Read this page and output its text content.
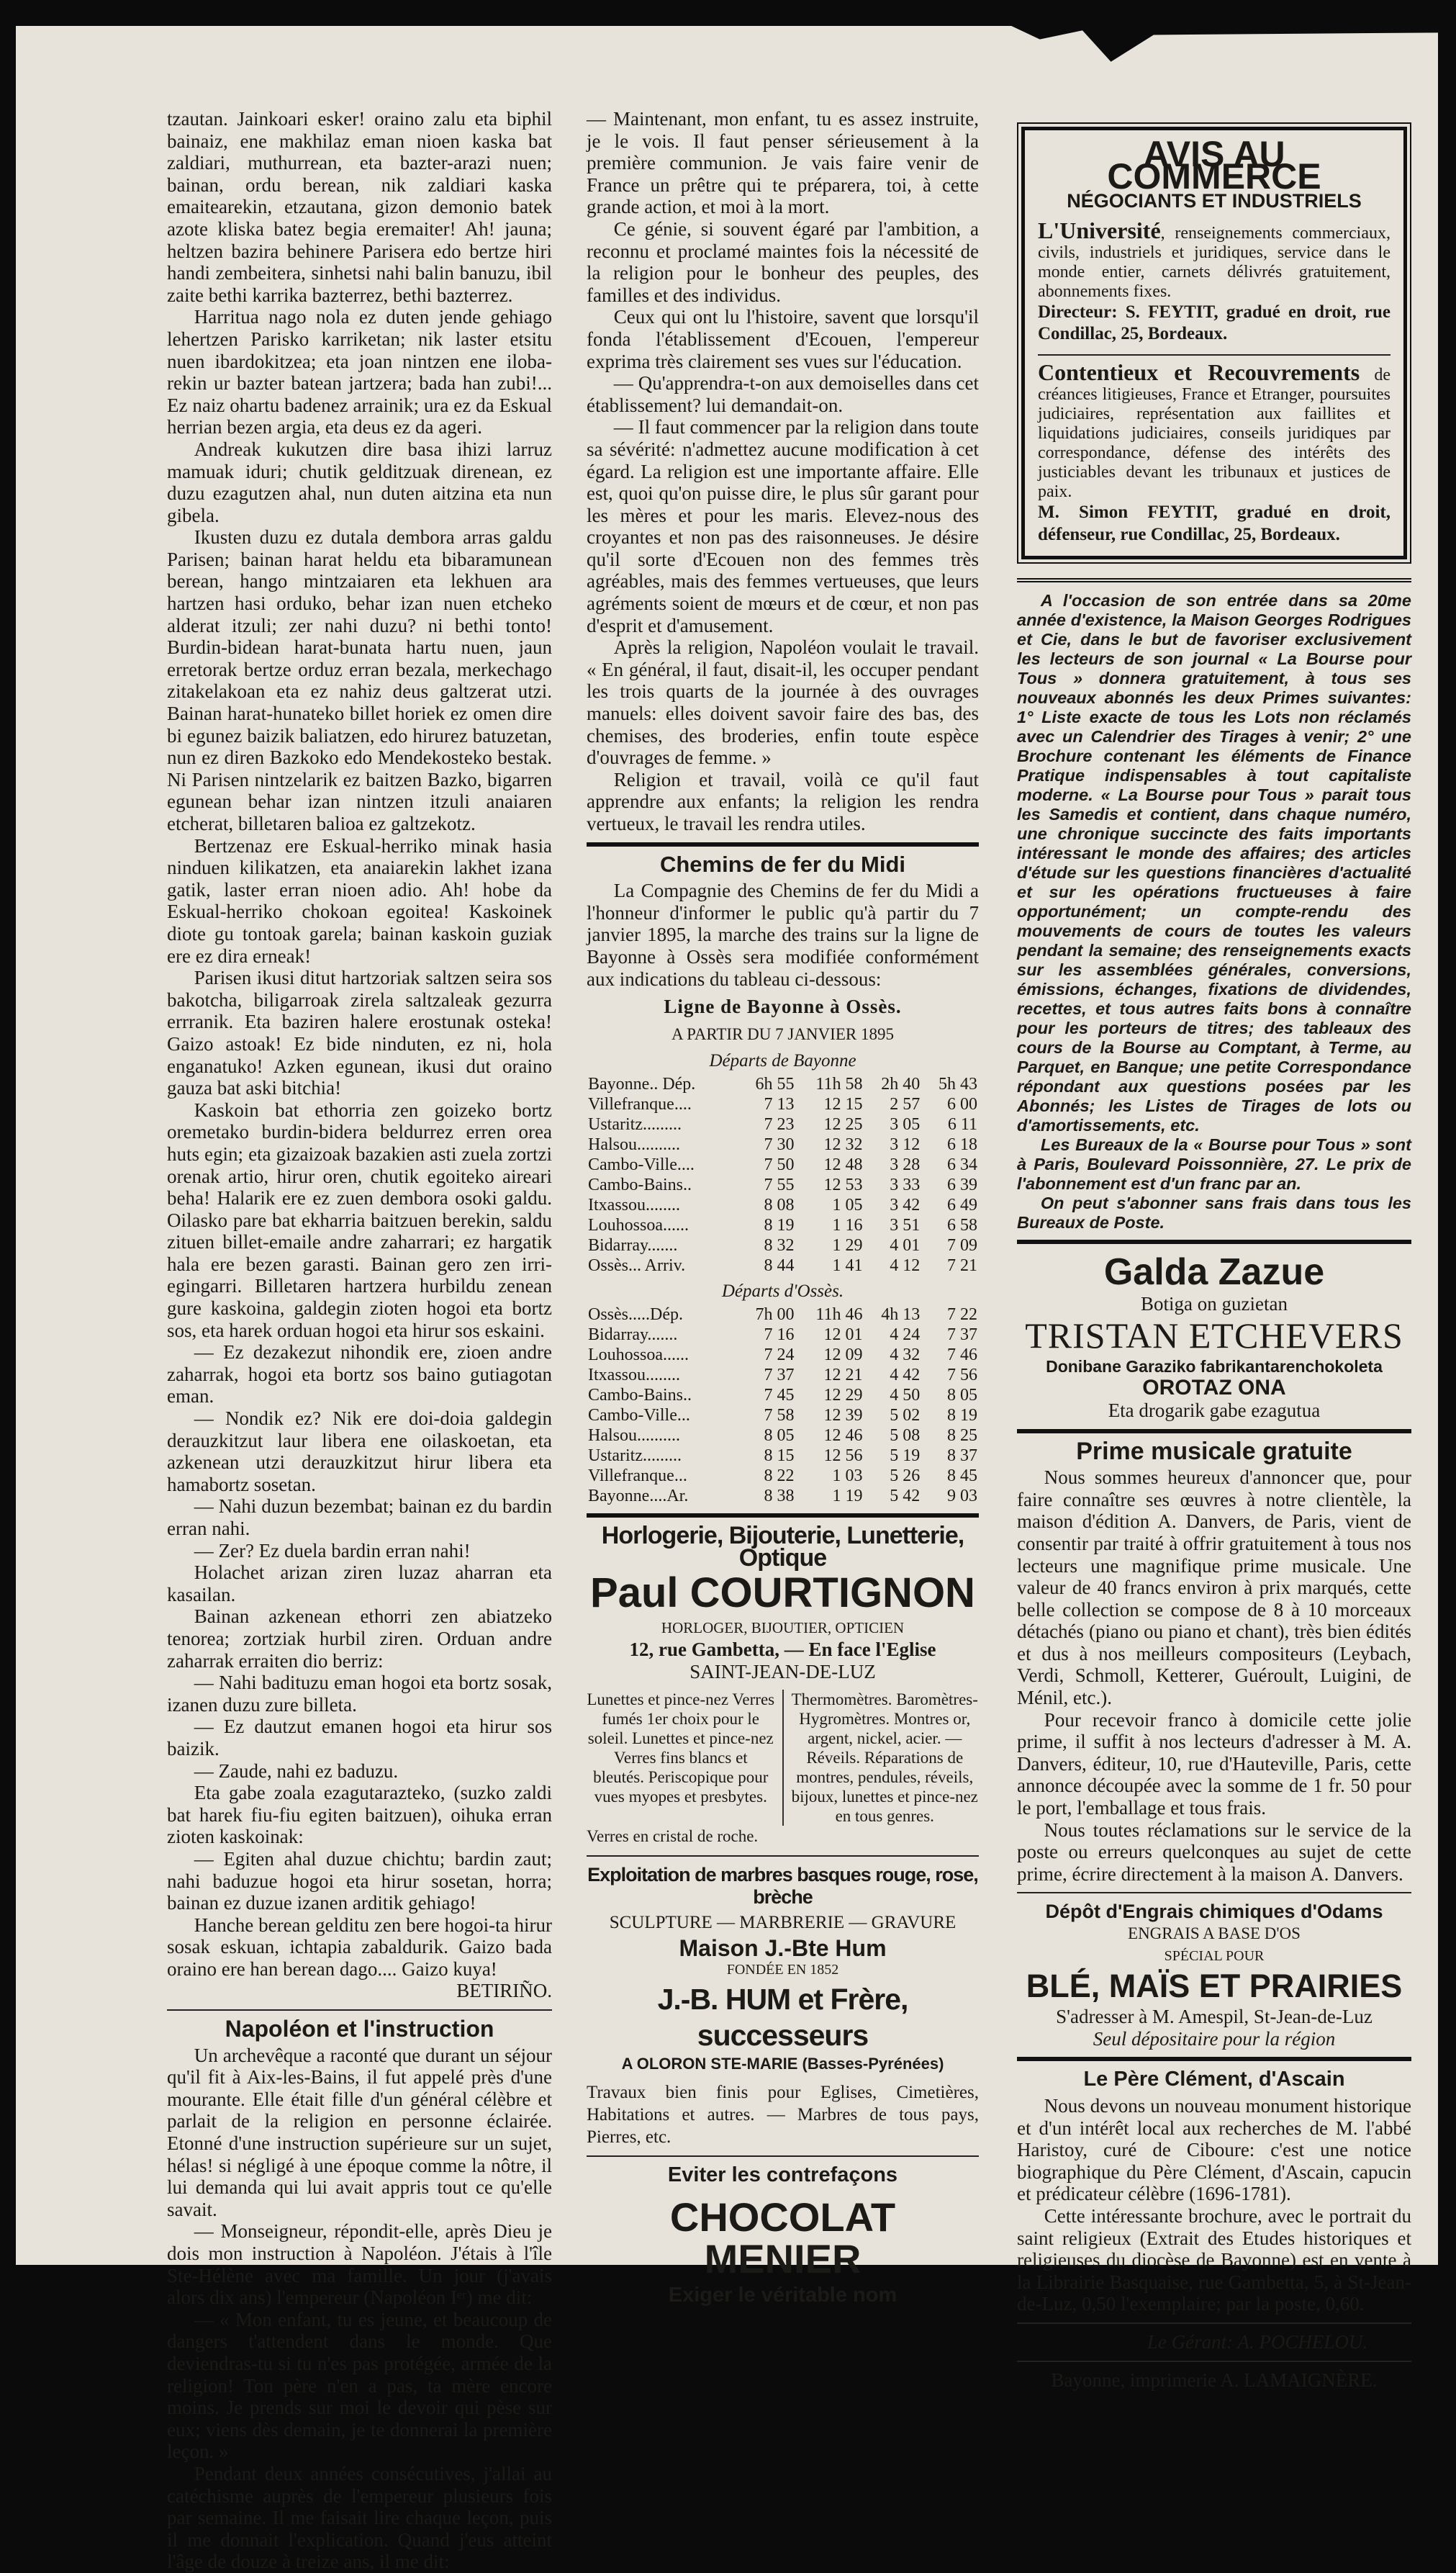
tzautan. Jainkoari esker! oraino zalu eta biphil bainaiz, ene makhilaz eman nioen kaska bat zaldiari, muthurrean, eta bazter-arazi nuen; bainan, ordu berean, nik zaldiari kaska emaitearekin, etzautana, gizon demonio batek azote kliska batez begia eremaiter! Ah! jauna; heltzen bazira behinere Parisera edo bertze hiri handi zembeitera, sinhetsi nahi balin banuzu, ibil zaite bethi karrika bazterrez, bethi bazterrez.

Harritua nago nola ez duten jende gehiago lehertzen Parisko karriketan; nik laster etsitu nuen ibardokitzea; eta joan nintzen ene iloba-rekin ur bazter batean jartzera; bada han zubi!... Ez naiz ohartu badenez arrainik; ura ez da Eskual herrian bezen argia, eta deus ez da ageri.

Andreak kukutzen dire basa ihizi larruz mamuak iduri; chutik gelditzuak direnean, ez duzu ezagutzen ahal, nun duten aitzina eta nun gibela.

Ikusten duzu ez dutala dembora arras galdu Parisen; bainan harat heldu eta bibaramunean berean, hango mintzaiaren eta lekhuen ara hartzen hasi orduko, behar izan nuen etcheko alderat itzuli; zer nahi duzu? ni bethi tonto! Burdin-bidean harat-bunata hartu nuen, jaun erretorak bertze orduz erran bezala, merkechago zitakelakoan eta ez nahiz deus galtzerat utzi. Bainan harat-hunateko billet horiek ez omen dire bi egunez baizik baliatzen, edo hirurez batuzetan, nun ez diren Bazkoko edo Mendekosteko bestak. Ni Parisen nintzelarik ez baitzen Bazko, bigarren egunean behar izan nintzen itzuli anaiaren etcherat, billetaren balioa ez galtzekotz.

Bertzenaz ere Eskual-herriko minak hasia ninduen kilikatzen, eta anaiarekin lakhet izana gatik, laster erran nioen adio. Ah! hobe da Eskual-herriko chokoan egoitea! Kaskoinek diote gu tontoak garela; bainan kaskoin guziak ere ez dira erneak!

Parisen ikusi ditut hartzoriak saltzen seira sos bakotcha, biligarroak zirela saltzaleak gezurra errranik. Eta baziren halere erostunak osteka! Gaizo astoak! Ez bide ninduten, ez ni, hola enganatuko! Azken egunean, ikusi dut oraino gauza bat aski bitchia!

Kaskoin bat ethorria zen goizeko bortz oremetako burdin-bidera beldurrez erren orea huts egin; eta gizaizoak bazakien asti zuela zortzi orenak artio, hirur oren, chutik egoiteko aireari beha! Halarik ere ez zuen dembora osoki galdu. Oilasko pare bat ekharria baitzuen berekin, saldu zituen billet-emaile andre zaharrari; ez hargatik hala ere bezen garasti. Bainan gero zen irri-egingarri. Billetaren hartzera hurbildu zenean gure kaskoina, galdegin zioten hogoi eta bortz sos, eta harek orduan hogoi eta hirur sos eskaini.

— Ez dezakezut nihondik ere, zioen andre zaharrak, hogoi eta bortz sos baino gutiagotan eman.

— Nondik ez? Nik ere doi-doia galdegin derauzkitzut laur libera ene oilaskoetan, eta azkenean utzi derauzkitzut hirur libera eta hamabortz sosetan.

— Nahi duzun bezembat; bainan ez du bardin erran nahi.

— Zer? Ez duela bardin erran nahi!

Holachet arizan ziren luzaz aharran eta kasailan.

Bainan azkenean ethorri zen abiatzeko tenorea; zortziak hurbil ziren. Orduan andre zaharrak erraiten dio berriz:

— Nahi badituzu eman hogoi eta bortz sosak, izanen duzu zure billeta.

— Ez dautzut emanen hogoi eta hirur sos baizik.

— Zaude, nahi ez baduzu.

Eta gabe zoala ezagutarazteko, (suzko zaldi bat harek fiu-fiu egiten baitzuen), oihuka erran zioten kaskoinak:

— Egiten ahal duzue chichtu; bardin zaut; nahi baduzue hogoi eta hirur sosetan, horra; bainan ez duzue izanen arditik gehiago!

Hanche berean gelditu zen bere hogoi-ta hirur sosak eskuan, ichtapia zabaldurik. Gaizo bada oraino ere han berean dago.... Gaizo kuya!

BETIRIÑO.

Napoléon et l'instruction

Un archevêque a raconté que durant un séjour qu'il fit à Aix-les-Bains, il fut appelé près d'une mourante. Elle était fille d'un général célèbre et parlait de la religion en personne éclairée. Etonné d'une instruction supérieure sur un sujet, hélas! si négligé à une époque comme la nôtre, il lui demanda qui lui avait appris tout ce qu'elle savait.

— Monseigneur, répondit-elle, après Dieu je dois mon instruction à Napoléon. J'étais à l'île Ste-Hélène avec ma famille. Un jour (j'avais alors dix ans) l'empereur (Napoléon Iᵉʳ) me dit:

— « Mon enfant, tu es jeune, et beaucoup de dangers t'attendent dans le monde. Que deviendras-tu si tu n'es pas protégée, armée de la religion! Ton père n'en a pas, ta mère encore moins. Je prends sur moi le devoir qui pèse sur eux; viens dès demain, je te donnerai la première leçon. »

Pendant deux années consécutives, j'allai au catéchisme auprès de l'empereur plusieurs fois par semaine. Il me faisait lire chaque leçon, puis il me donnait l'explication. Quand j'eus atteint l'âge de douze à treize ans, il me dit:

— Maintenant, mon enfant, tu es assez instruite, je le vois. Il faut penser sérieusement à la première communion. Je vais faire venir de France un prêtre qui te préparera, toi, à cette grande action, et moi à la mort.

Ce génie, si souvent égaré par l'ambition, a reconnu et proclamé maintes fois la nécessité de la religion pour le bonheur des peuples, des familles et des individus.

Ceux qui ont lu l'histoire, savent que lorsqu'il fonda l'établissement d'Ecouen, l'empereur exprima très clairement ses vues sur l'éducation.

— Qu'apprendra-t-on aux demoiselles dans cet établissement? lui demandait-on.

— Il faut commencer par la religion dans toute sa sévérité: n'admettez aucune modification à cet égard. La religion est une importante affaire. Elle est, quoi qu'on puisse dire, le plus sûr garant pour les mères et pour les maris. Elevez-nous des croyantes et non pas des raisonneuses. Je désire qu'il sorte d'Ecouen non des femmes très agréables, mais des femmes vertueuses, que leurs agréments soient de mœurs et de cœur, et non pas d'esprit et d'amusement.

Après la religion, Napoléon voulait le travail. « En général, il faut, disait-il, les occuper pendant les trois quarts de la journée à des ouvrages manuels: elles doivent savoir faire des bas, des chemises, des broderies, enfin toute espèce d'ouvrages de femme. »

Religion et travail, voilà ce qu'il faut apprendre aux enfants; la religion les rendra vertueux, le travail les rendra utiles.

Chemins de fer du Midi

La Compagnie des Chemins de fer du Midi a l'honneur d'informer le public qu'à partir du 7 janvier 1895, la marche des trains sur la ligne de Bayonne à Ossès sera modifiée conformément aux indications du tableau ci-dessous:

Ligne de Bayonne à Ossès.
A PARTIR DU 7 JANVIER 1895
Départs de Bayonne				
Bayonne.. Dép.	6h 55	11h 58	2h 40	5h 43
Villefranque....	7 13	12 15	2 57	6 00
Ustaritz.........	7 23	12 25	3 05	6 11
Halsou..........	7 30	12 32	3 12	6 18
Cambo-Ville....	7 50	12 48	3 28	6 34
Cambo-Bains..	7 55	12 53	3 33	6 39
Itxassou........	8 08	1 05	3 42	6 49
Louhossoa......	8 19	1 16	3 51	6 58
Bidarray.......	8 32	1 29	4 01	7 09
Ossès... Arriv.	8 44	1 41	4 12	7 21
Départs d'Ossès.				
Ossès.....Dép.	7h 00	11h 46	4h 13	7 22
Bidarray.......	7 16	12 01	4 24	7 37
Louhossoa......	7 24	12 09	4 32	7 46
Itxassou........	7 37	12 21	4 42	7 56
Cambo-Bains..	7 45	12 29	4 50	8 05
Cambo-Ville...	7 58	12 39	5 02	8 19
Halsou..........	8 05	12 46	5 08	8 25
Ustaritz.........	8 15	12 56	5 19	8 37
Villefranque...	8 22	1 03	5 26	8 45
Bayonne....Ar.	8 38	1 19	5 42	9 03
Horlogerie, Bijouterie, Lunetterie, Optique
Paul COURTIGNON
HORLOGER, BIJOUTIER, OPTICIEN
12, rue Gambetta, — En face l'Eglise
SAINT-JEAN-DE-LUZ
Lunettes et pince-nez Verres fumés 1er choix pour le soleil. Lunettes et pince-nez Verres fins blancs et bleutés. Periscopique pour vues myopes et presbytes.
Thermomètres. Baromètres-Hygromètres. Montres or, argent, nickel, acier. — Réveils. Réparations de montres, pendules, réveils, bijoux, lunettes et pince-nez en tous genres.
Verres en cristal de roche.
Exploitation de marbres basques rouge, rose, brèche
SCULPTURE — MARBRERIE — GRAVURE
Maison J.-Bte Hum
FONDÉE EN 1852
J.-B. HUM et Frère, successeurs
A OLORON STE-MARIE (Basses-Pyrénées)

Travaux bien finis pour Eglises, Cimetières, Habitations et autres. — Marbres de tous pays, Pierres, etc.

Eviter les contrefaçons
CHOCOLAT
MENIER
Exiger le véritable nom
AVIS AU COMMERCE
NÉGOCIANTS ET INDUSTRIELS

L'Université, renseignements commerciaux, civils, industriels et juridiques, service dans le monde entier, carnets délivrés gratuitement, abonnements fixes.

Directeur: S. FEYTIT, gradué en droit, rue Condillac, 25, Bordeaux.

Contentieux et Recouvrements de créances litigieuses, France et Etranger, poursuites judiciaires, représentation aux faillites et liquidations judiciaires, conseils juridiques par correspondance, défense des intérêts des justiciables devant les tribunaux et justices de paix.

M. Simon FEYTIT, gradué en droit, défenseur, rue Condillac, 25, Bordeaux.

A l'occasion de son entrée dans sa 20me année d'existence, la Maison Georges Rodrigues et Cie, dans le but de favoriser exclusivement les lecteurs de son journal « La Bourse pour Tous » donnera gratuitement, à tous ses nouveaux abonnés les deux Primes suivantes: 1° Liste exacte de tous les Lots non réclamés avec un Calendrier des Tirages à venir; 2° une Brochure contenant les éléments de Finance Pratique indispensables à tout capitaliste moderne. « La Bourse pour Tous » parait tous les Samedis et contient, dans chaque numéro, une chronique succincte des faits importants intéressant le monde des affaires; des articles d'étude sur les questions financières d'actualité et sur les opérations fructueuses à faire opportunément; un compte-rendu des mouvements de cours de toutes les valeurs pendant la semaine; des renseignements exacts sur les assemblées générales, conversions, émissions, échanges, fixations de dividendes, recettes, et tous autres faits bons à connaître pour les porteurs de titres; des tableaux des cours de la Bourse au Comptant, à Terme, au Parquet, en Banque; une petite Correspondance répondant aux questions posées par les Abonnés; les Listes de Tirages de lots ou d'amortissements, etc.

Les Bureaux de la « Bourse pour Tous » sont à Paris, Boulevard Poissonnière, 27. Le prix de l'abonnement est d'un franc par an.

On peut s'abonner sans frais dans tous les Bureaux de Poste.

Galda Zazue
Botiga on guzietan
TRISTAN ETCHEVERS
Donibane Garaziko fabrikantarenchokoleta
OROTAZ ONA
Eta drogarik gabe ezagutua
Prime musicale gratuite

Nous sommes heureux d'annoncer que, pour faire connaître ses œuvres à notre clientèle, la maison d'édition A. Danvers, de Paris, vient de consentir par traité à offrir gratuitement à tous nos lecteurs une magnifique prime musicale. Une valeur de 40 francs environ à prix marqués, cette belle collection se compose de 8 à 10 morceaux détachés (piano ou piano et chant), très bien édités et dus à nos meilleurs compositeurs (Leybach, Verdi, Schmoll, Ketterer, Guéroult, Luigini, de Ménil, etc.).

Pour recevoir franco à domicile cette jolie prime, il suffit à nos lecteurs d'adresser à M. A. Danvers, éditeur, 10, rue d'Hauteville, Paris, cette annonce découpée avec la somme de 1 fr. 50 pour le port, l'emballage et tous frais.

Nous toutes réclamations sur le service de la poste ou erreurs quelconques au sujet de cette prime, écrire directement à la maison A. Danvers.

Dépôt d'Engrais chimiques d'Odams
ENGRAIS A BASE D'OS
SPÉCIAL POUR
BLÉ, MAÏS ET PRAIRIES
S'adresser à M. Amespil, St-Jean-de-Luz
Seul dépositaire pour la région
Le Père Clément, d'Ascain

Nous devons un nouveau monument historique et d'un intérêt local aux recherches de M. l'abbé Haristoy, curé de Ciboure: c'est une notice biographique du Père Clément, d'Ascain, capucin et prédicateur célèbre (1696-1781).

Cette intéressante brochure, avec le portrait du saint religieux (Extrait des Etudes historiques et religieuses du diocèse de Bayonne) est en vente à la Librairie Basquaise, rue Gambetta, 5, à St-Jean-de-Luz, 0,50 l'exemplaire; par la poste, 0,60.

Le Gérant: A. POCHELOU.
Bayonne, imprimerie A. LAMAIGNÈRE.
